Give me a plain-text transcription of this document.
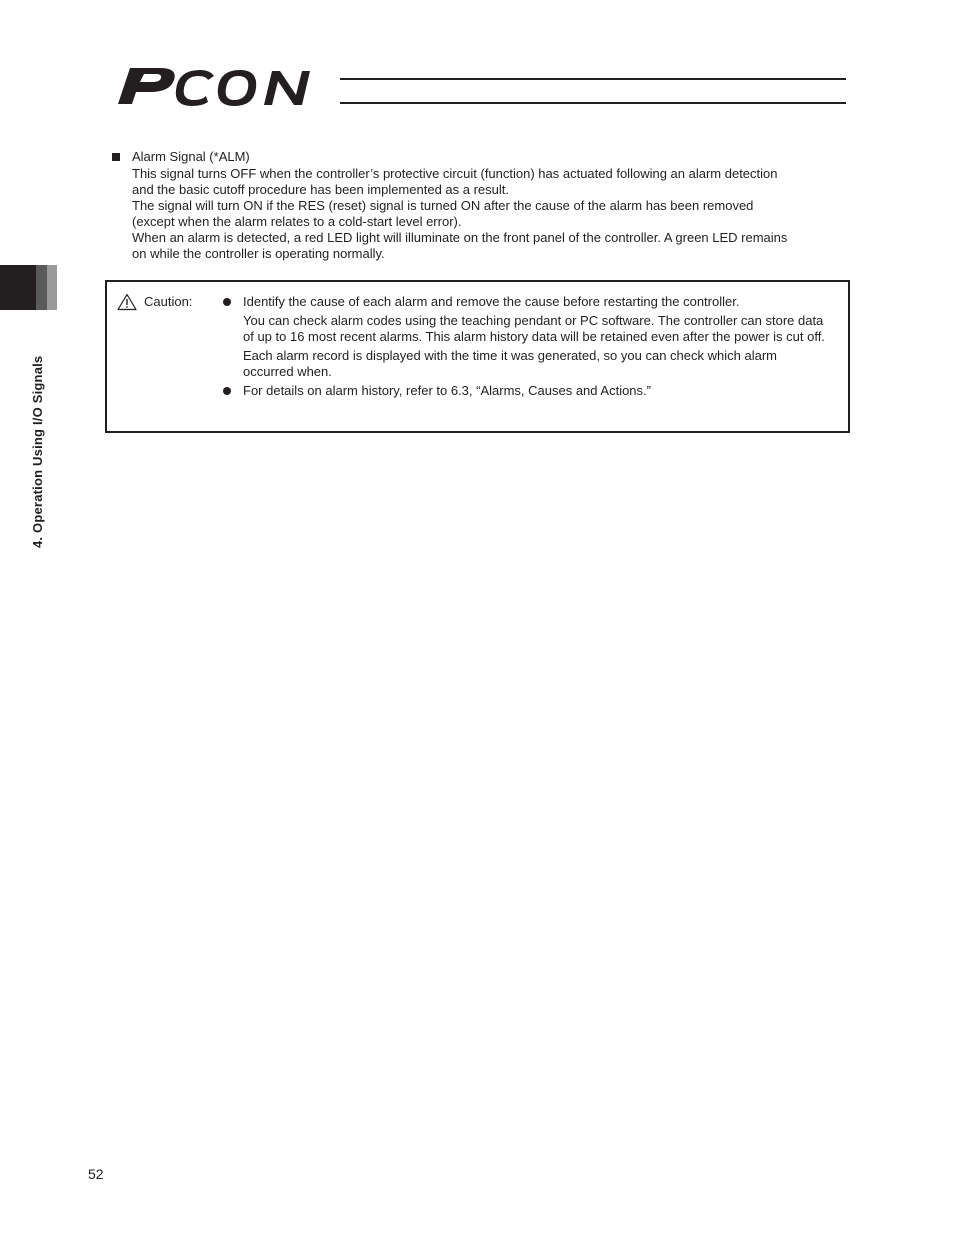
4. Operation Using I/O Signals
Alarm Signal (*ALM)

This signal turns OFF when the controller’s protective circuit (function) has actuated following an alarm detection

and the basic cutoff procedure has been implemented as a result.

The signal will turn ON if the RES (reset) signal is turned ON after the cause of the alarm has been removed

(except when the alarm relates to a cold-start level error).

When an alarm is detected, a red LED light will illuminate on the front panel of the controller. A green LED remains

on while the controller is operating normally.

Caution:	Identify the cause of each alarm and remove the cause before restarting the controller.

You can check alarm codes using the teaching pendant or PC software. The controller can store data of up to 16 most recent alarms. This alarm history data will be retained even after the power is cut off.

Each alarm record is displayed with the time it was generated, so you can check which alarm occurred when.

For details on alarm history, refer to 6.3, “Alarms, Causes and Actions.”

52
